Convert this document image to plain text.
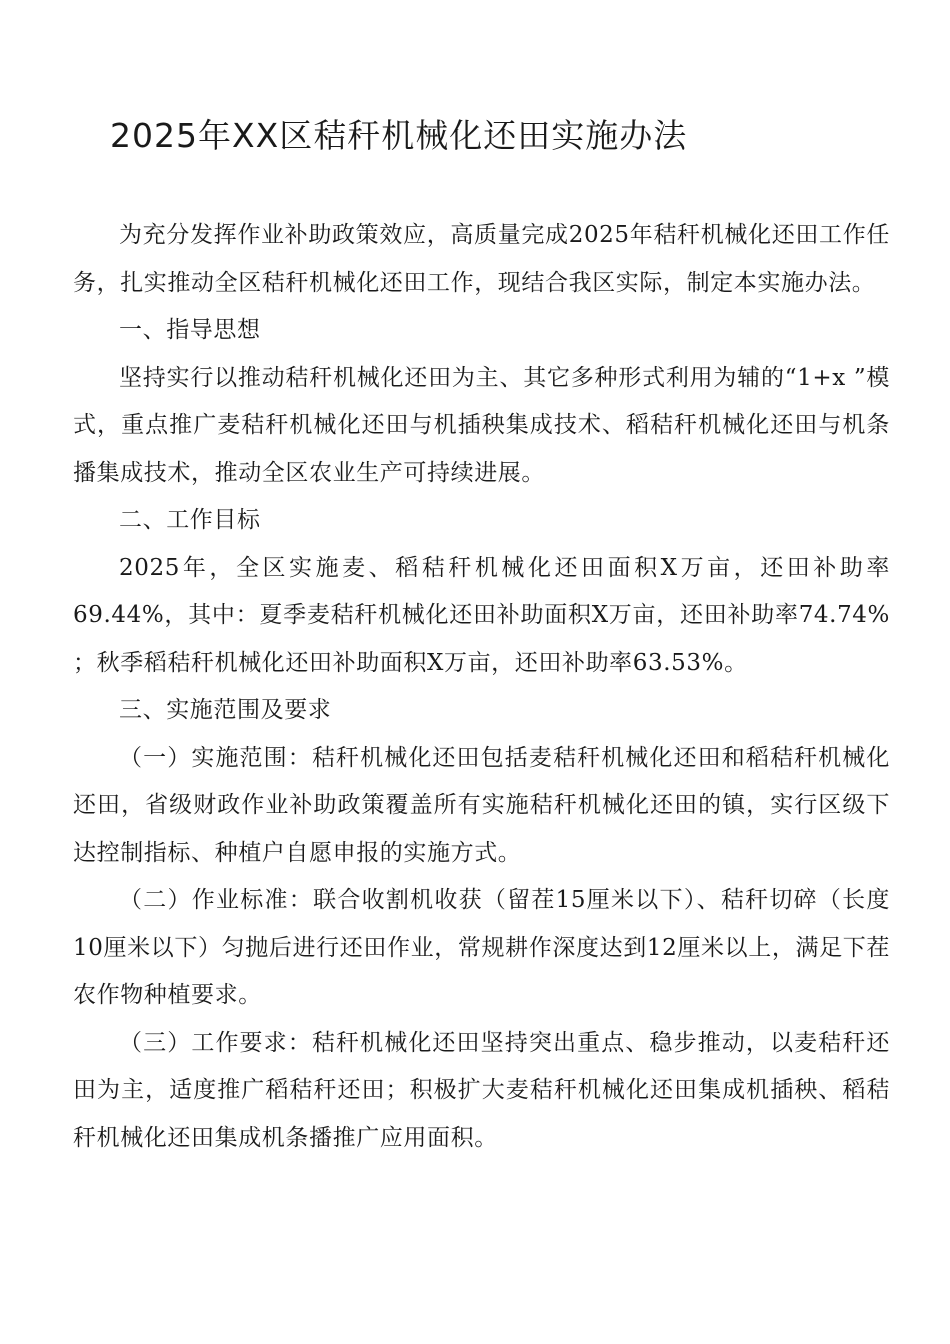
2025年XX区秸秆机械化还田实施办法

为充分发挥作业补助政策效应，高质量完成2025年秸秆机械化还田工作任务，扎实推动全区秸秆机械化还田工作，现结合我区实际，制定本实施办法。

一、指导思想

坚持实行以推动秸秆机械化还田为主、其它多种形式利用为辅的“1+x ”模式，重点推广麦秸秆机械化还田与机插秧集成技术、稻秸秆机械化还田与机条播集成技术，推动全区农业生产可持续进展。

二、工作目标

2025年，全区实施麦、稻秸秆机械化还田面积X万亩，还田补助率69.44%，其中：夏季麦秸秆机械化还田补助面积X万亩，还田补助率74.74% ；秋季稻秸秆机械化还田补助面积X万亩，还田补助率63.53%。

三、实施范围及要求

（一）实施范围：秸秆机械化还田包括麦秸秆机械化还田和稻秸秆机械化还田，省级财政作业补助政策覆盖所有实施秸秆机械化还田的镇，实行区级下达控制指标、种植户自愿申报的实施方式。

（二）作业标准：联合收割机收获（留茬15厘米以下）、秸秆切碎（长度10厘米以下）匀抛后进行还田作业，常规耕作深度达到12厘米以上，满足下茬农作物种植要求。

（三）工作要求：秸秆机械化还田坚持突出重点、稳步推动，以麦秸秆还田为主，适度推广稻秸秆还田；积极扩大麦秸秆机械化还田集成机插秧、稻秸秆机械化还田集成机条播推广应用面积。
